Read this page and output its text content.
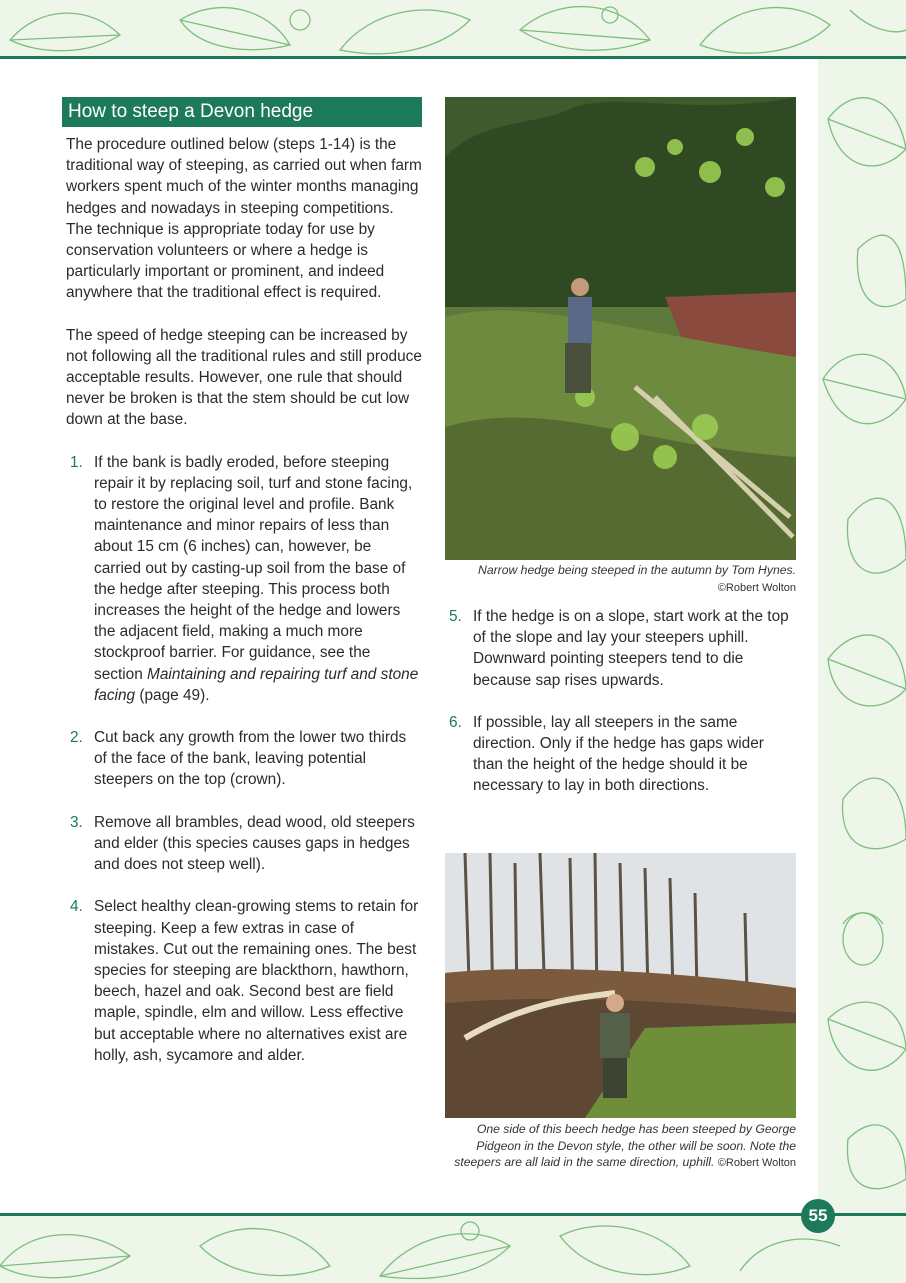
How to steep a Devon hedge

The procedure outlined below (steps 1-14) is the traditional way of steeping, as carried out when farm workers spent much of the winter months managing hedges and nowadays in steeping competitions. The technique is appropriate today for use by conservation volunteers or where a hedge is particularly important or prominent, and indeed anywhere that the traditional effect is required.

The speed of hedge steeping can be increased by not following all the traditional rules and still produce acceptable results. However, one rule that should never be broken is that the stem should be cut low down at the base.

1. If the bank is badly eroded, before steeping repair it by replacing soil, turf and stone facing, to restore the original level and profile. Bank maintenance and minor repairs of less than about 15 cm (6 inches) can, however, be carried out by casting-up soil from the base of the hedge after steeping. This process both increases the height of the hedge and lowers the adjacent field, making a much more stockproof barrier. For guidance, see the section Maintaining and repairing turf and stone facing (page 49).
2. Cut back any growth from the lower two thirds of the face of the bank, leaving potential steepers on the top (crown).
3. Remove all brambles, dead wood, old steepers and elder (this species causes gaps in hedges and does not steep well).
4. Select healthy clean-growing stems to retain for steeping. Keep a few extras in case of mistakes. Cut out the remaining ones. The best species for steeping are blackthorn, hawthorn, beech, hazel and oak. Second best are field maple, spindle, elm and willow. Less effective but acceptable where no alternatives exist are holly, ash, sycamore and alder.
Narrow hedge being steeped in the autumn by Tom Hynes. ©Robert Wolton
5. If the hedge is on a slope, start work at the top of the slope and lay your steepers uphill. Downward pointing steepers tend to die because sap rises upwards.
6. If possible, lay all steepers in the same direction. Only if the hedge has gaps wider than the height of the hedge should it be necessary to lay in both directions.
One side of this beech hedge has been steeped by George Pidgeon in the Devon style, the other will be soon. Note the steepers are all laid in the same direction, uphill. ©Robert Wolton
55
